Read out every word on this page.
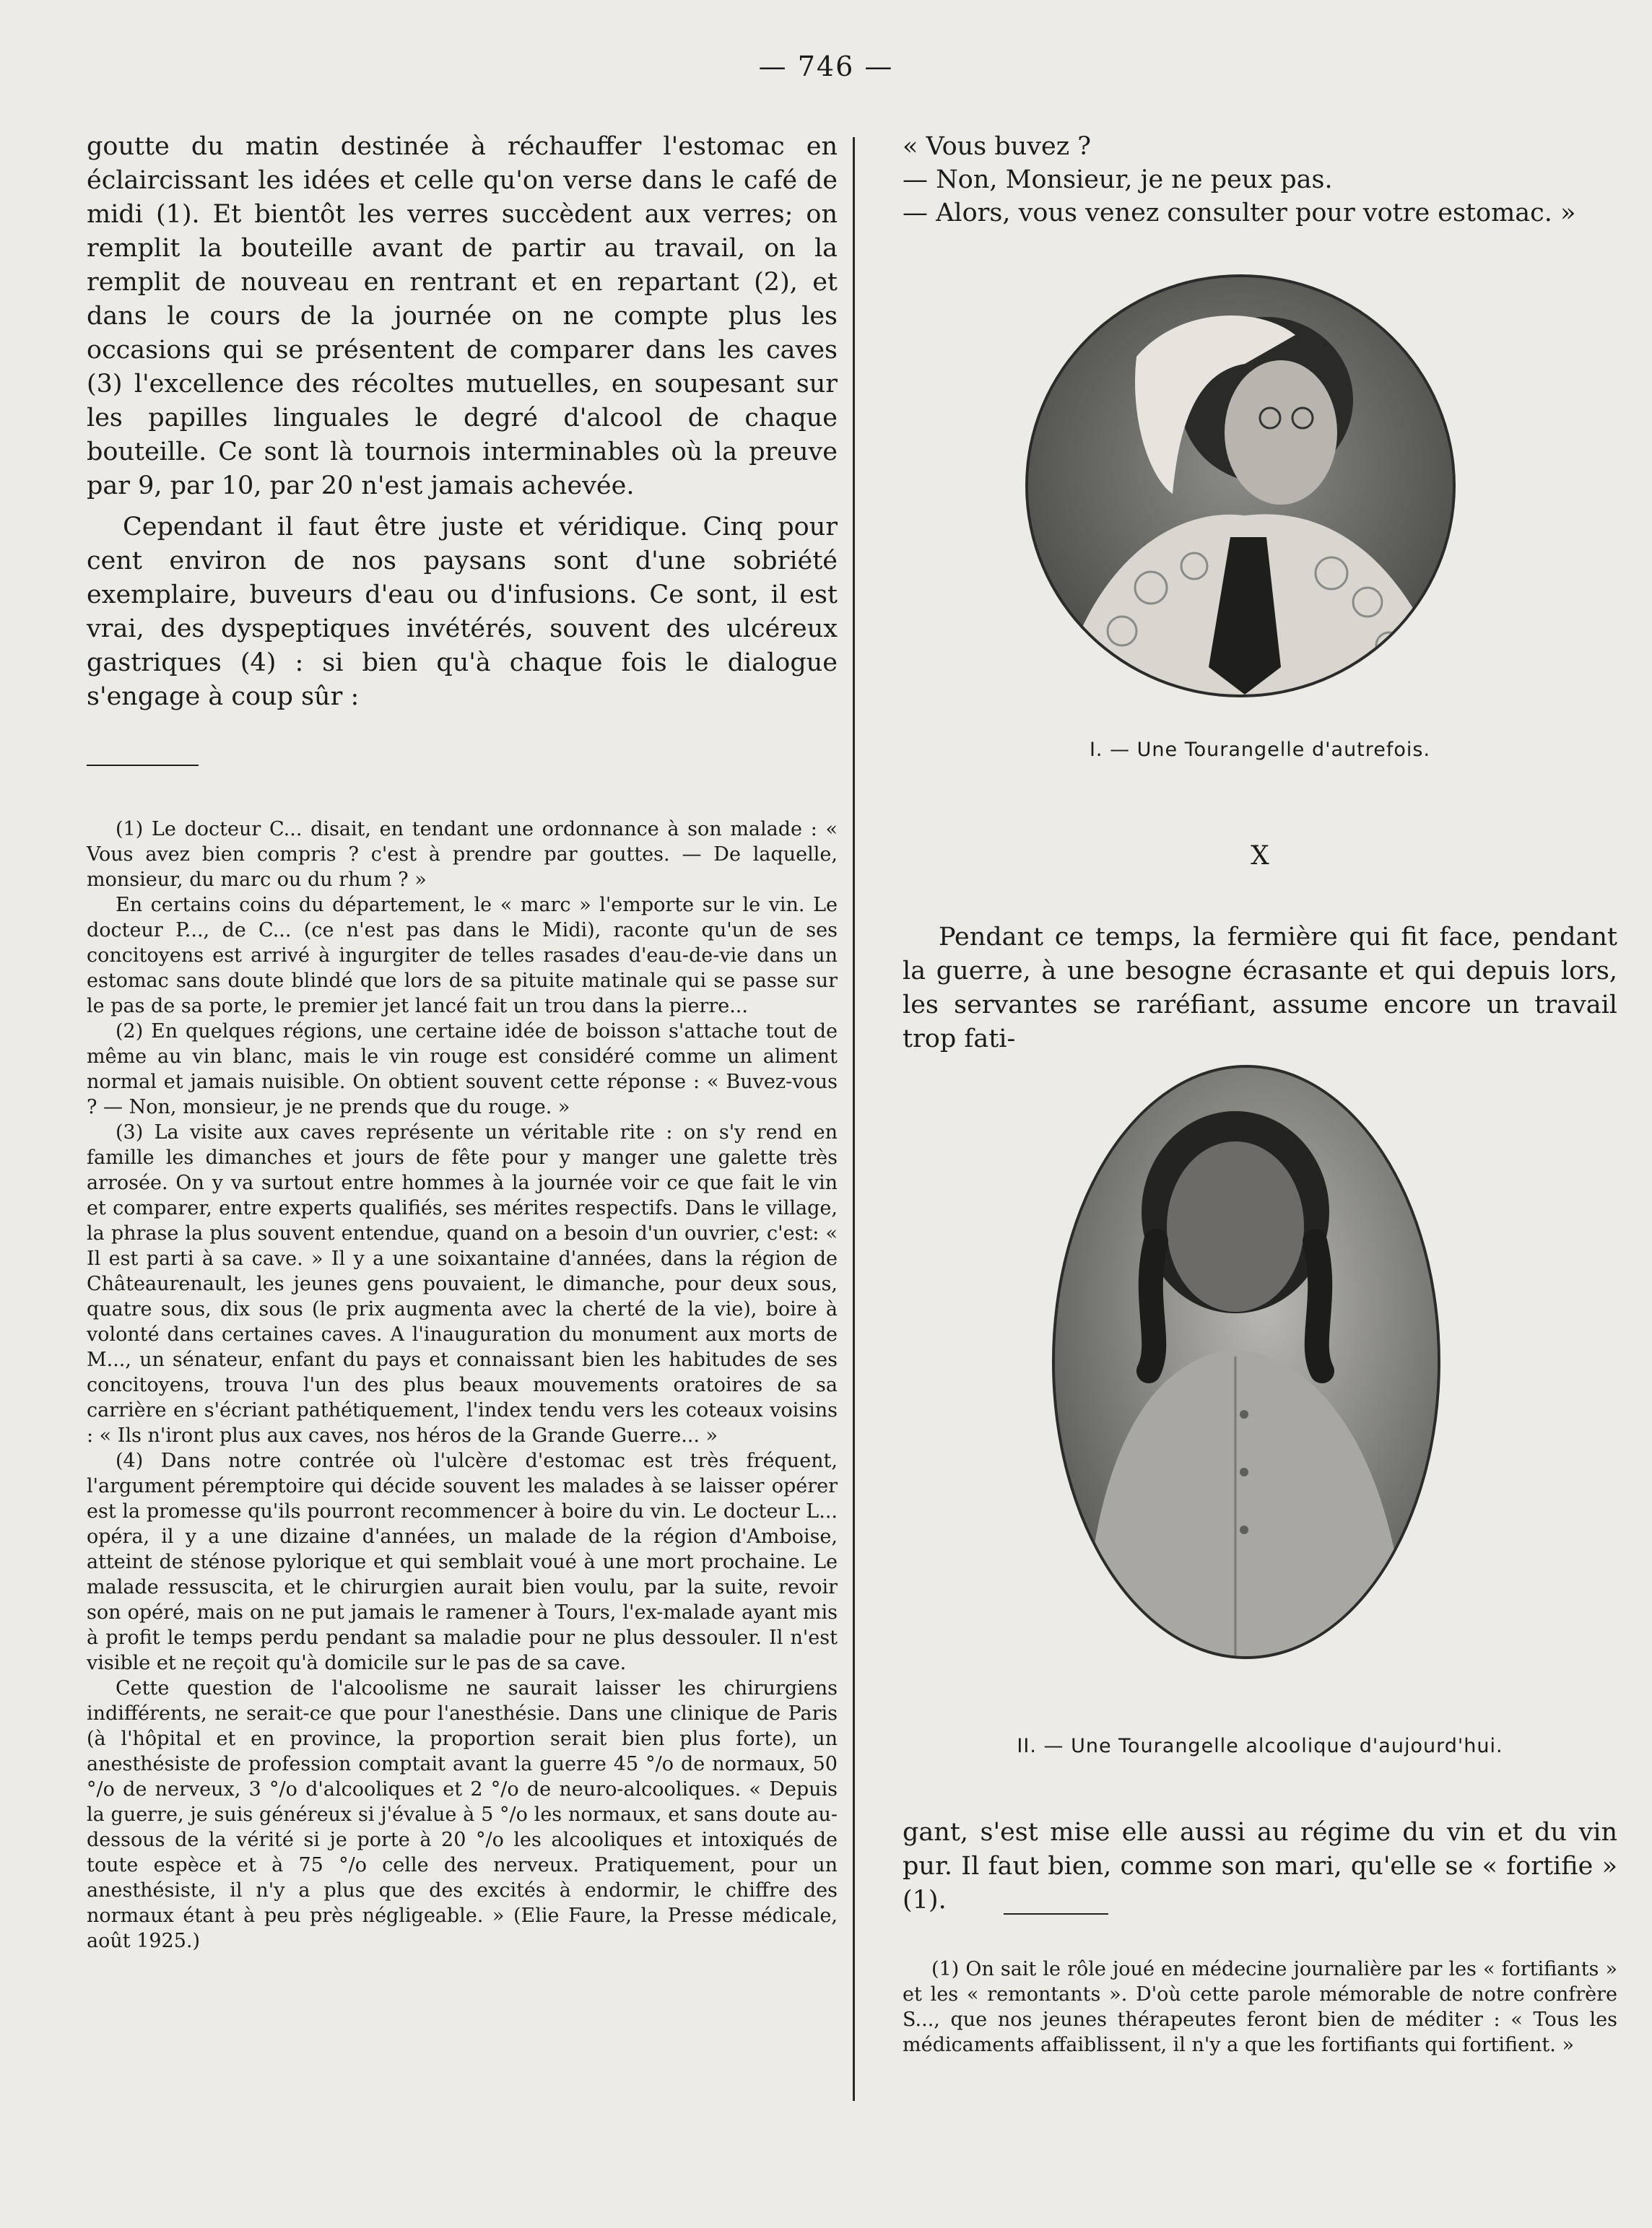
— 746 —

goutte du matin destinée à réchauffer l'estomac en éclaircissant les idées et celle qu'on verse dans le café de midi (1). Et bientôt les verres succèdent aux verres; on remplit la bouteille avant de partir au travail, on la remplit de nouveau en rentrant et en repartant (2), et dans le cours de la journée on ne compte plus les occasions qui se présentent de comparer dans les caves (3) l'excellence des récoltes mutuelles, en soupesant sur les papilles linguales le degré d'alcool de chaque bouteille. Ce sont là tournois interminables où la preuve par 9, par 10, par 20 n'est jamais achevée.

Cependant il faut être juste et véridique. Cinq pour cent environ de nos paysans sont d'une sobriété exemplaire, buveurs d'eau ou d'infusions. Ce sont, il est vrai, des dyspeptiques invétérés, souvent des ulcéreux gastriques (4) : si bien qu'à chaque fois le dialogue s'engage à coup sûr :

(1) Le docteur C... disait, en tendant une ordonnance à son malade : « Vous avez bien compris ? c'est à prendre par gouttes. — De laquelle, monsieur, du marc ou du rhum ? »

En certains coins du département, le « marc » l'emporte sur le vin. Le docteur P..., de C... (ce n'est pas dans le Midi), raconte qu'un de ses concitoyens est arrivé à ingurgiter de telles rasades d'eau-de-vie dans un estomac sans doute blindé que lors de sa pituite matinale qui se passe sur le pas de sa porte, le premier jet lancé fait un trou dans la pierre...

(2) En quelques régions, une certaine idée de boisson s'attache tout de même au vin blanc, mais le vin rouge est considéré comme un aliment normal et jamais nuisible. On obtient souvent cette réponse : « Buvez-vous ? — Non, monsieur, je ne prends que du rouge. »

(3) La visite aux caves représente un véritable rite : on s'y rend en famille les dimanches et jours de fête pour y manger une galette très arrosée. On y va surtout entre hommes à la journée voir ce que fait le vin et comparer, entre experts qualifiés, ses mérites respectifs. Dans le village, la phrase la plus souvent entendue, quand on a besoin d'un ouvrier, c'est: « Il est parti à sa cave. » Il y a une soixantaine d'années, dans la région de Châteaurenault, les jeunes gens pouvaient, le dimanche, pour deux sous, quatre sous, dix sous (le prix augmenta avec la cherté de la vie), boire à volonté dans certaines caves. A l'inauguration du monument aux morts de M..., un sénateur, enfant du pays et connaissant bien les habitudes de ses concitoyens, trouva l'un des plus beaux mouvements oratoires de sa carrière en s'écriant pathétiquement, l'index tendu vers les coteaux voisins : « Ils n'iront plus aux caves, nos héros de la Grande Guerre... »

(4) Dans notre contrée où l'ulcère d'estomac est très fréquent, l'argument péremptoire qui décide souvent les malades à se laisser opérer est la promesse qu'ils pourront recommencer à boire du vin. Le docteur L... opéra, il y a une dizaine d'années, un malade de la région d'Amboise, atteint de sténose pylorique et qui semblait voué à une mort prochaine. Le malade ressuscita, et le chirurgien aurait bien voulu, par la suite, revoir son opéré, mais on ne put jamais le ramener à Tours, l'ex-malade ayant mis à profit le temps perdu pendant sa maladie pour ne plus dessouler. Il n'est visible et ne reçoit qu'à domicile sur le pas de sa cave.

Cette question de l'alcoolisme ne saurait laisser les chirurgiens indifférents, ne serait-ce que pour l'anesthésie. Dans une clinique de Paris (à l'hôpital et en province, la proportion serait bien plus forte), un anesthésiste de profession comptait avant la guerre 45 °/o de normaux, 50 °/o de nerveux, 3 °/o d'alcooliques et 2 °/o de neuro-alcooliques. « Depuis la guerre, je suis généreux si j'évalue à 5 °/o les normaux, et sans doute au-dessous de la vérité si je porte à 20 °/o les alcooliques et intoxiqués de toute espèce et à 75 °/o celle des nerveux. Pratiquement, pour un anesthésiste, il n'y a plus que des excités à endormir, le chiffre des normaux étant à peu près négligeable. » (Elie Faure, la Presse médicale, août 1925.)

« Vous buvez ?

— Non, Monsieur, je ne peux pas.

— Alors, vous venez consulter pour votre estomac. »

I. — Une Tourangelle d'autrefois.
X

Pendant ce temps, la fermière qui fit face, pendant la guerre, à une besogne écrasante et qui depuis lors, les servantes se raréfiant, assume encore un travail trop fati-

II. — Une Tourangelle alcoolique d'aujourd'hui.

gant, s'est mise elle aussi au régime du vin et du vin pur. Il faut bien, comme son mari, qu'elle se « fortifie » (1).

(1) On sait le rôle joué en médecine journalière par les « fortifiants » et les « remontants ». D'où cette parole mémorable de notre confrère S..., que nos jeunes thérapeutes feront bien de méditer : « Tous les médicaments affaiblissent, il n'y a que les fortifiants qui fortifient. »
